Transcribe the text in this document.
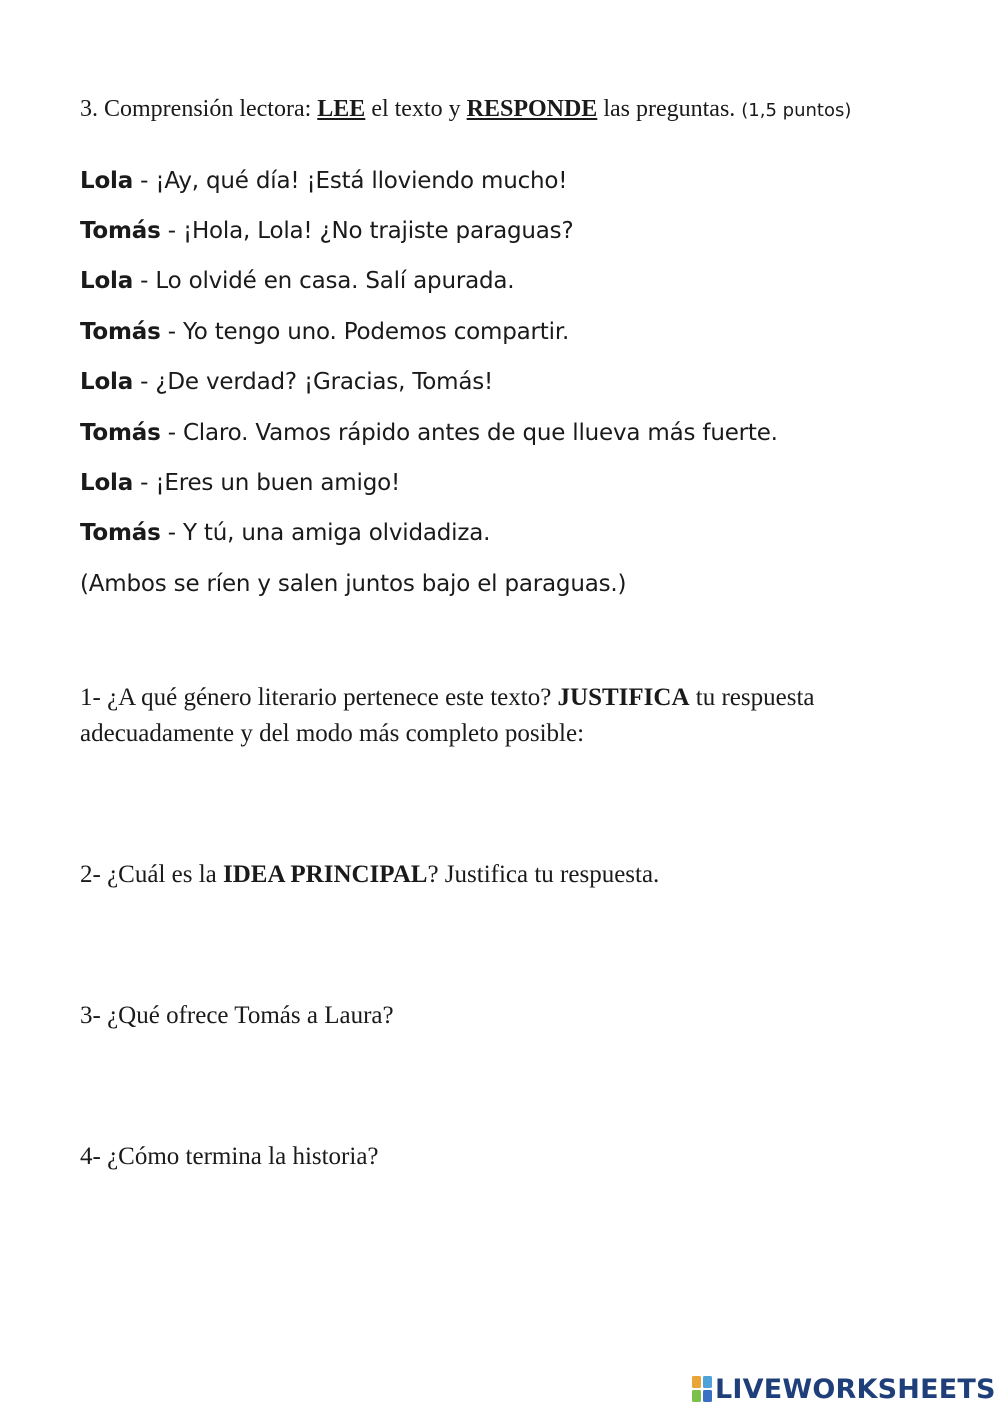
3. Comprensión lectora: LEE el texto y RESPONDE las preguntas. (1,5 puntos)
Lola - ¡Ay, qué día! ¡Está lloviendo mucho!
Tomás - ¡Hola, Lola! ¿No trajiste paraguas?
Lola - Lo olvidé en casa. Salí apurada.
Tomás - Yo tengo uno. Podemos compartir.
Lola - ¿De verdad? ¡Gracias, Tomás!
Tomás - Claro. Vamos rápido antes de que llueva más fuerte.
Lola - ¡Eres un buen amigo!
Tomás - Y tú, una amiga olvidadiza.
(Ambos se ríen y salen juntos bajo el paraguas.)
1- ¿A qué género literario pertenece este texto? JUSTIFICA tu respuesta adecuadamente y del modo más completo posible:
2- ¿Cuál es la IDEA PRINCIPAL? Justifica tu respuesta.
3- ¿Qué ofrece Tomás a Laura?
4- ¿Cómo termina la historia?
LIVEWORKSHEETS
